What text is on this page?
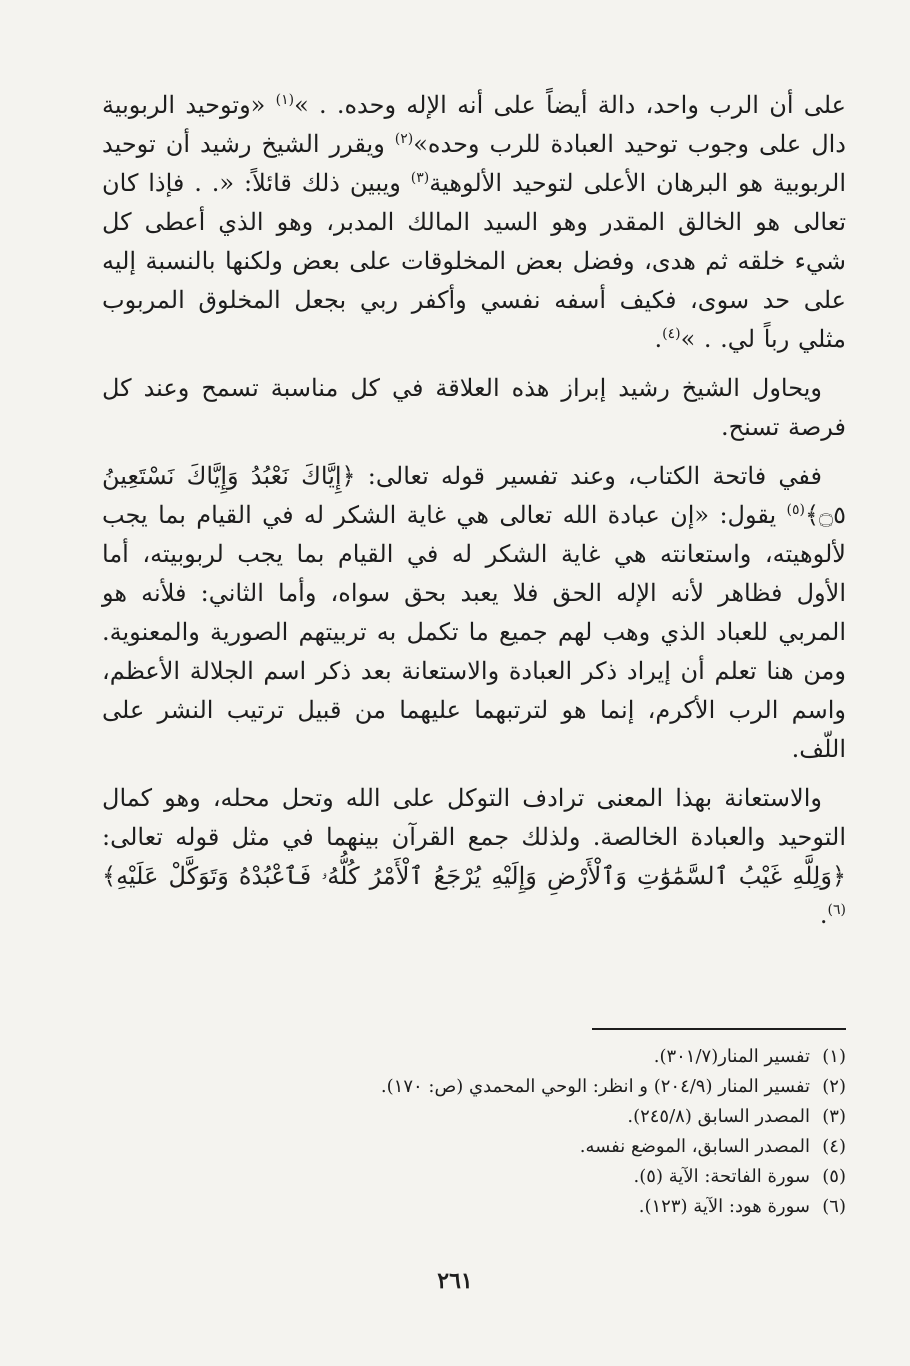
على أن الرب واحد، دالة أيضاً على أنه الإله وحده. . »$^{(١)}$ «وتوحيد الربوبية دال على وجوب توحيد العبادة للرب وحده»$^{(٢)}$ ويقرر الشيخ رشيد أن توحيد الربوبية هو البرهان الأعلى لتوحيد الألوهية$^{(٣)}$ ويبين ذلك قائلاً: «. . فإذا كان تعالى هو الخالق المقدر وهو السيد المالك المدبر، وهو الذي أعطى كل شيء خلقه ثم هدى، وفضل بعض المخلوقات على بعض ولكنها بالنسبة إليه على حد سوى، فكيف أسفه نفسي وأكفر ربي بجعل المخلوق المربوب مثلي رباً لي. . »$^{(٤)}$.

ويحاول الشيخ رشيد إبراز هذه العلاقة في كل مناسبة تسمح وعند كل فرصة تسنح.

ففي فاتحة الكتاب، وعند تفسير قوله تعالى: ﴿إِيَّاكَ نَعْبُدُ وَإِيَّاكَ نَسْتَعِينُ ۝٥﴾$^{(٥)}$ يقول: «إن عبادة الله تعالى هي غاية الشكر له في القيام بما يجب لألوهيته، واستعانته هي غاية الشكر له في القيام بما يجب لربوبيته، أما الأول فظاهر لأنه الإله الحق فلا يعبد بحق سواه، وأما الثاني: فلأنه هو المربي للعباد الذي وهب لهم جميع ما تكمل به تربيتهم الصورية والمعنوية. ومن هنا تعلم أن إيراد ذكر العبادة والاستعانة بعد ذكر اسم الجلالة الأعظم، واسم الرب الأكرم، إنما هو لترتبهما عليهما من قبيل ترتيب النشر على اللّف.

والاستعانة بهذا المعنى ترادف التوكل على الله وتحل محله، وهو كمال التوحيد والعبادة الخالصة. ولذلك جمع القرآن بينهما في مثل قوله تعالى: ﴿وَلِلَّهِ غَيْبُ ٱلسَّمَٰوَٰتِ وَٱلْأَرْضِ وَإِلَيْهِ يُرْجَعُ ٱلْأَمْرُ كُلُّهُۥ فَٱعْبُدْهُ وَتَوَكَّلْ عَلَيْهِ﴾$^{(٦)}$.

(١)تفسير المنار(٣٠١/٧).
(٢)تفسير المنار (٢٠٤/٩) و انظر: الوحي المحمدي (ص: ١٧٠).
(٣)المصدر السابق (٢٤٥/٨).
(٤)المصدر السابق، الموضع نفسه.
(٥)سورة الفاتحة: الآية (٥).
(٦)سورة هود: الآية (١٢٣).
٢٦١
